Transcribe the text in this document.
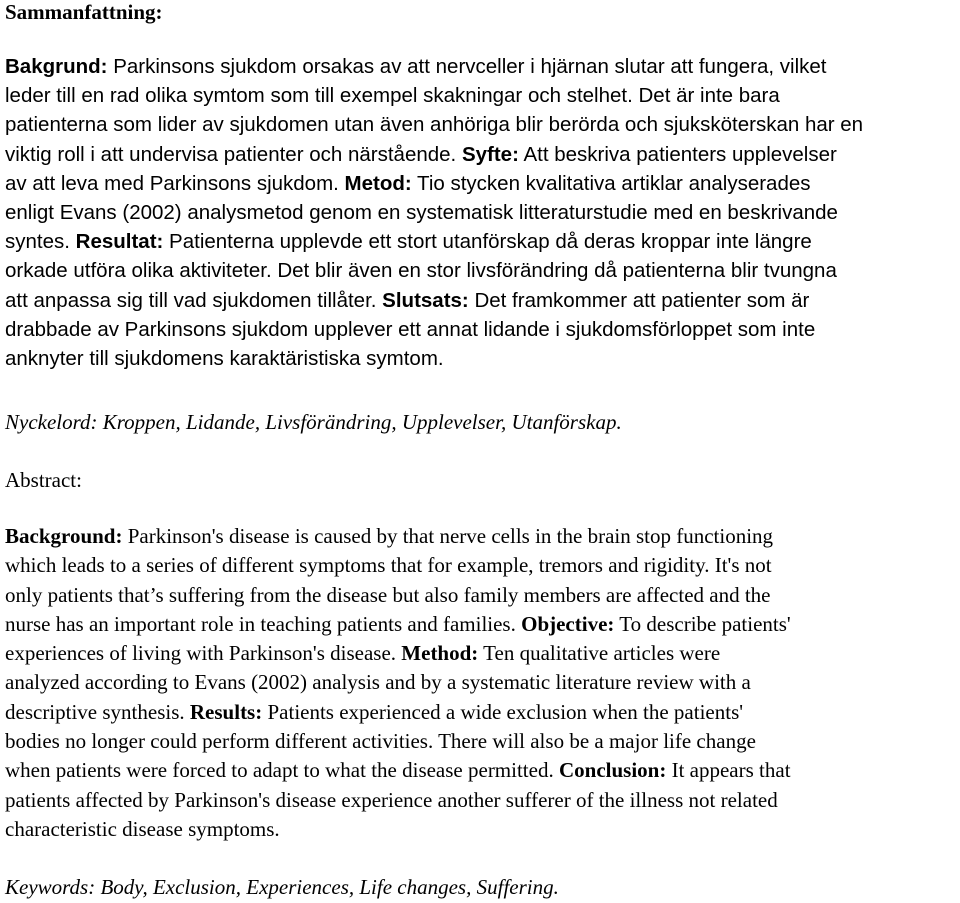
Sammanfattning:
Bakgrund: Parkinsons sjukdom orsakas av att nervceller i hjärnan slutar att fungera, vilket
leder till en rad olika symtom som till exempel skakningar och stelhet. Det är inte bara
patienterna som lider av sjukdomen utan även anhöriga blir berörda och sjuksköterskan har en
viktig roll i att undervisa patienter och närstående. Syfte: Att beskriva patienters upplevelser
av att leva med Parkinsons sjukdom. Metod: Tio stycken kvalitativa artiklar analyserades
enligt Evans (2002) analysmetod genom en systematisk litteraturstudie med en beskrivande
syntes. Resultat: Patienterna upplevde ett stort utanförskap då deras kroppar inte längre
orkade utföra olika aktiviteter. Det blir även en stor livsförändring då patienterna blir tvungna
att anpassa sig till vad sjukdomen tillåter. Slutsats: Det framkommer att patienter som är
drabbade av Parkinsons sjukdom upplever ett annat lidande i sjukdomsförloppet som inte
anknyter till sjukdomens karaktäristiska symtom.

Nyckelord: Kroppen, Lidande, Livsförändring, Upplevelser, Utanförskap.

Abstract:
Background: Parkinson's disease is caused by that nerve cells in the brain stop functioning
which leads to a series of different symptoms that for example, tremors and rigidity. It's not
only patients that’s suffering from the disease but also family members are affected and the
nurse has an important role in teaching patients and families. Objective: To describe patients'
experiences of living with Parkinson's disease. Method: Ten qualitative articles were
analyzed according to Evans (2002) analysis and by a systematic literature review with a
descriptive synthesis. Results: Patients experienced a wide exclusion when the patients'
bodies no longer could perform different activities. There will also be a major life change
when patients were forced to adapt to what the disease permitted. Conclusion: It appears that
patients affected by Parkinson's disease experience another sufferer of the illness not related
characteristic disease symptoms.

Keywords: Body, Exclusion, Experiences, Life changes, Suffering.
